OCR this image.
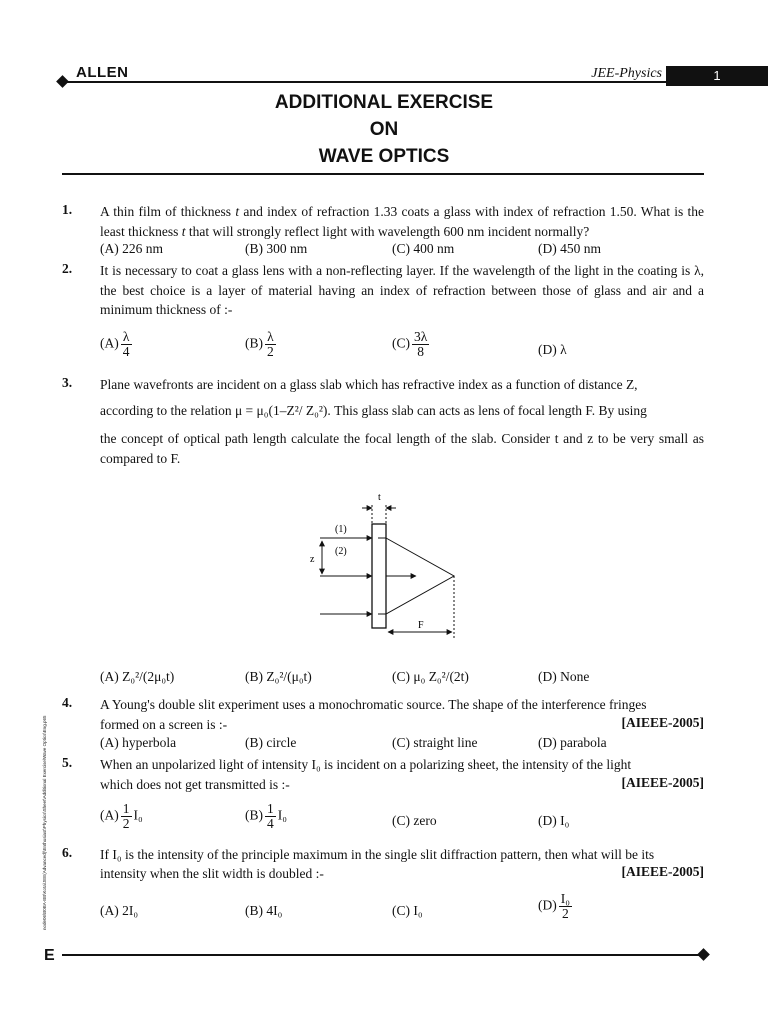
ALLEN	JEE-Physics	1
ADDITIONAL EXERCISE
ON
WAVE OPTICS
1. A thin film of thickness t and index of refraction 1.33 coats a glass with index of refraction 1.50. What is the least thickness t that will strongly reflect light with wavelength 600 nm incident normally?
(A) 226 nm	(B) 300 nm	(C) 400 nm	(D) 450 nm
2. It is necessary to coat a glass lens with a non-reflecting layer. If the wavelength of the light in the coating is λ, the best choice is a layer of material having an index of refraction between those of glass and air and a minimum thickness of :-
$(A) \frac{\lambda}{4}$	$(B) \frac{\lambda}{2}$	$(C) \frac{3\lambda}{8}$	(D) λ
3. Plane wavefronts are incident on a glass slab which has refractive index as a function of distance Z,
according to the relation μ = μ₀(1–Z²/ Z₀²). This glass slab can acts as lens of focal length F. By using
the concept of optical path length calculate the focal length of the slab. Consider t and z to be very small as compared to F.
t
(1)
(2)
z
F
(A) Z₀²/(2μ₀t)	(B) Z₀²/(μ₀t)	(C) μ₀ Z₀²/(2t)	(D) None
4. A Young's double slit experiment uses a monochromatic source. The shape of the interference fringes
formed on a screen is :-	[AIEEE-2005]
(A) hyperbola	(B) circle	(C) straight line	(D) parabola
5. When an unpolarized light of intensity I₀ is incident on a polarizing sheet, the intensity of the light
which does not get transmitted is :-	[AIEEE-2005]
$(A) \frac{1}{2} I_0$	$(B) \frac{1}{4} I_0$	(C) zero	(D) I₀
6. If I₀ is the intensity of the principle maximum in the single slit diffraction pattern, then what will be its
intensity when the slit width is doubled :-	[AIEEE-2005]
(A) 2I₀	(B) 4I₀	(C) I₀	$(D) \frac{\text{I₀}}{2}$
node06\B0BA-BB\Kota\JEE(Advanced)\Enthusiast\Physics\Sheet\Additional Exercise\Wave Optics\Eng.p65
E
